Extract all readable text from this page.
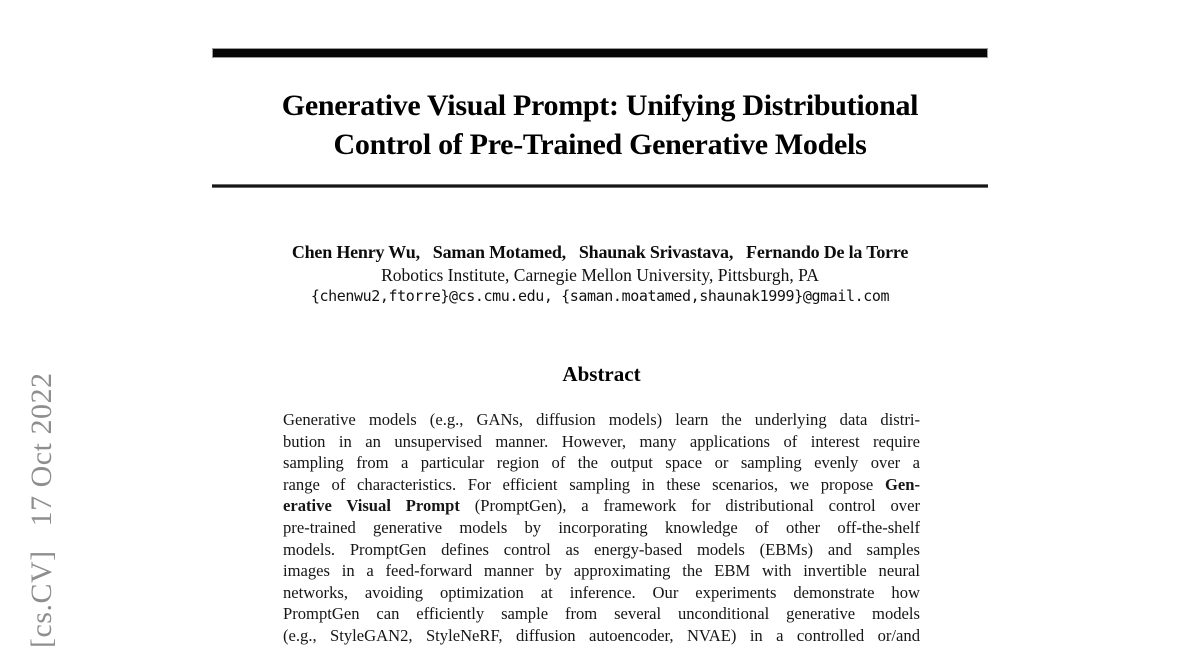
[cs.CV]   17 Oct 2022
Generative Visual Prompt: Unifying Distributional
Control of Pre-Trained Generative Models
Chen Henry Wu,   Saman Motamed,   Shaunak Srivastava,   Fernando De la Torre
Robotics Institute, Carnegie Mellon University, Pittsburgh, PA
{chenwu2,ftorre}@cs.cmu.edu, {saman.moatamed,shaunak1999}@gmail.com
Abstract
Generative models (e.g., GANs, diffusion models) learn the underlying data distri-
bution in an unsupervised manner. However, many applications of interest require
sampling from a particular region of the output space or sampling evenly over a
range of characteristics. For efficient sampling in these scenarios, we propose Gen-
erative Visual Prompt (PromptGen), a framework for distributional control over
pre-trained generative models by incorporating knowledge of other off-the-shelf
models. PromptGen defines control as energy-based models (EBMs) and samples
images in a feed-forward manner by approximating the EBM with invertible neural
networks, avoiding optimization at inference. Our experiments demonstrate how
PromptGen can efficiently sample from several unconditional generative models
(e.g., StyleGAN2, StyleNeRF, diffusion autoencoder, NVAE) in a controlled or/and
